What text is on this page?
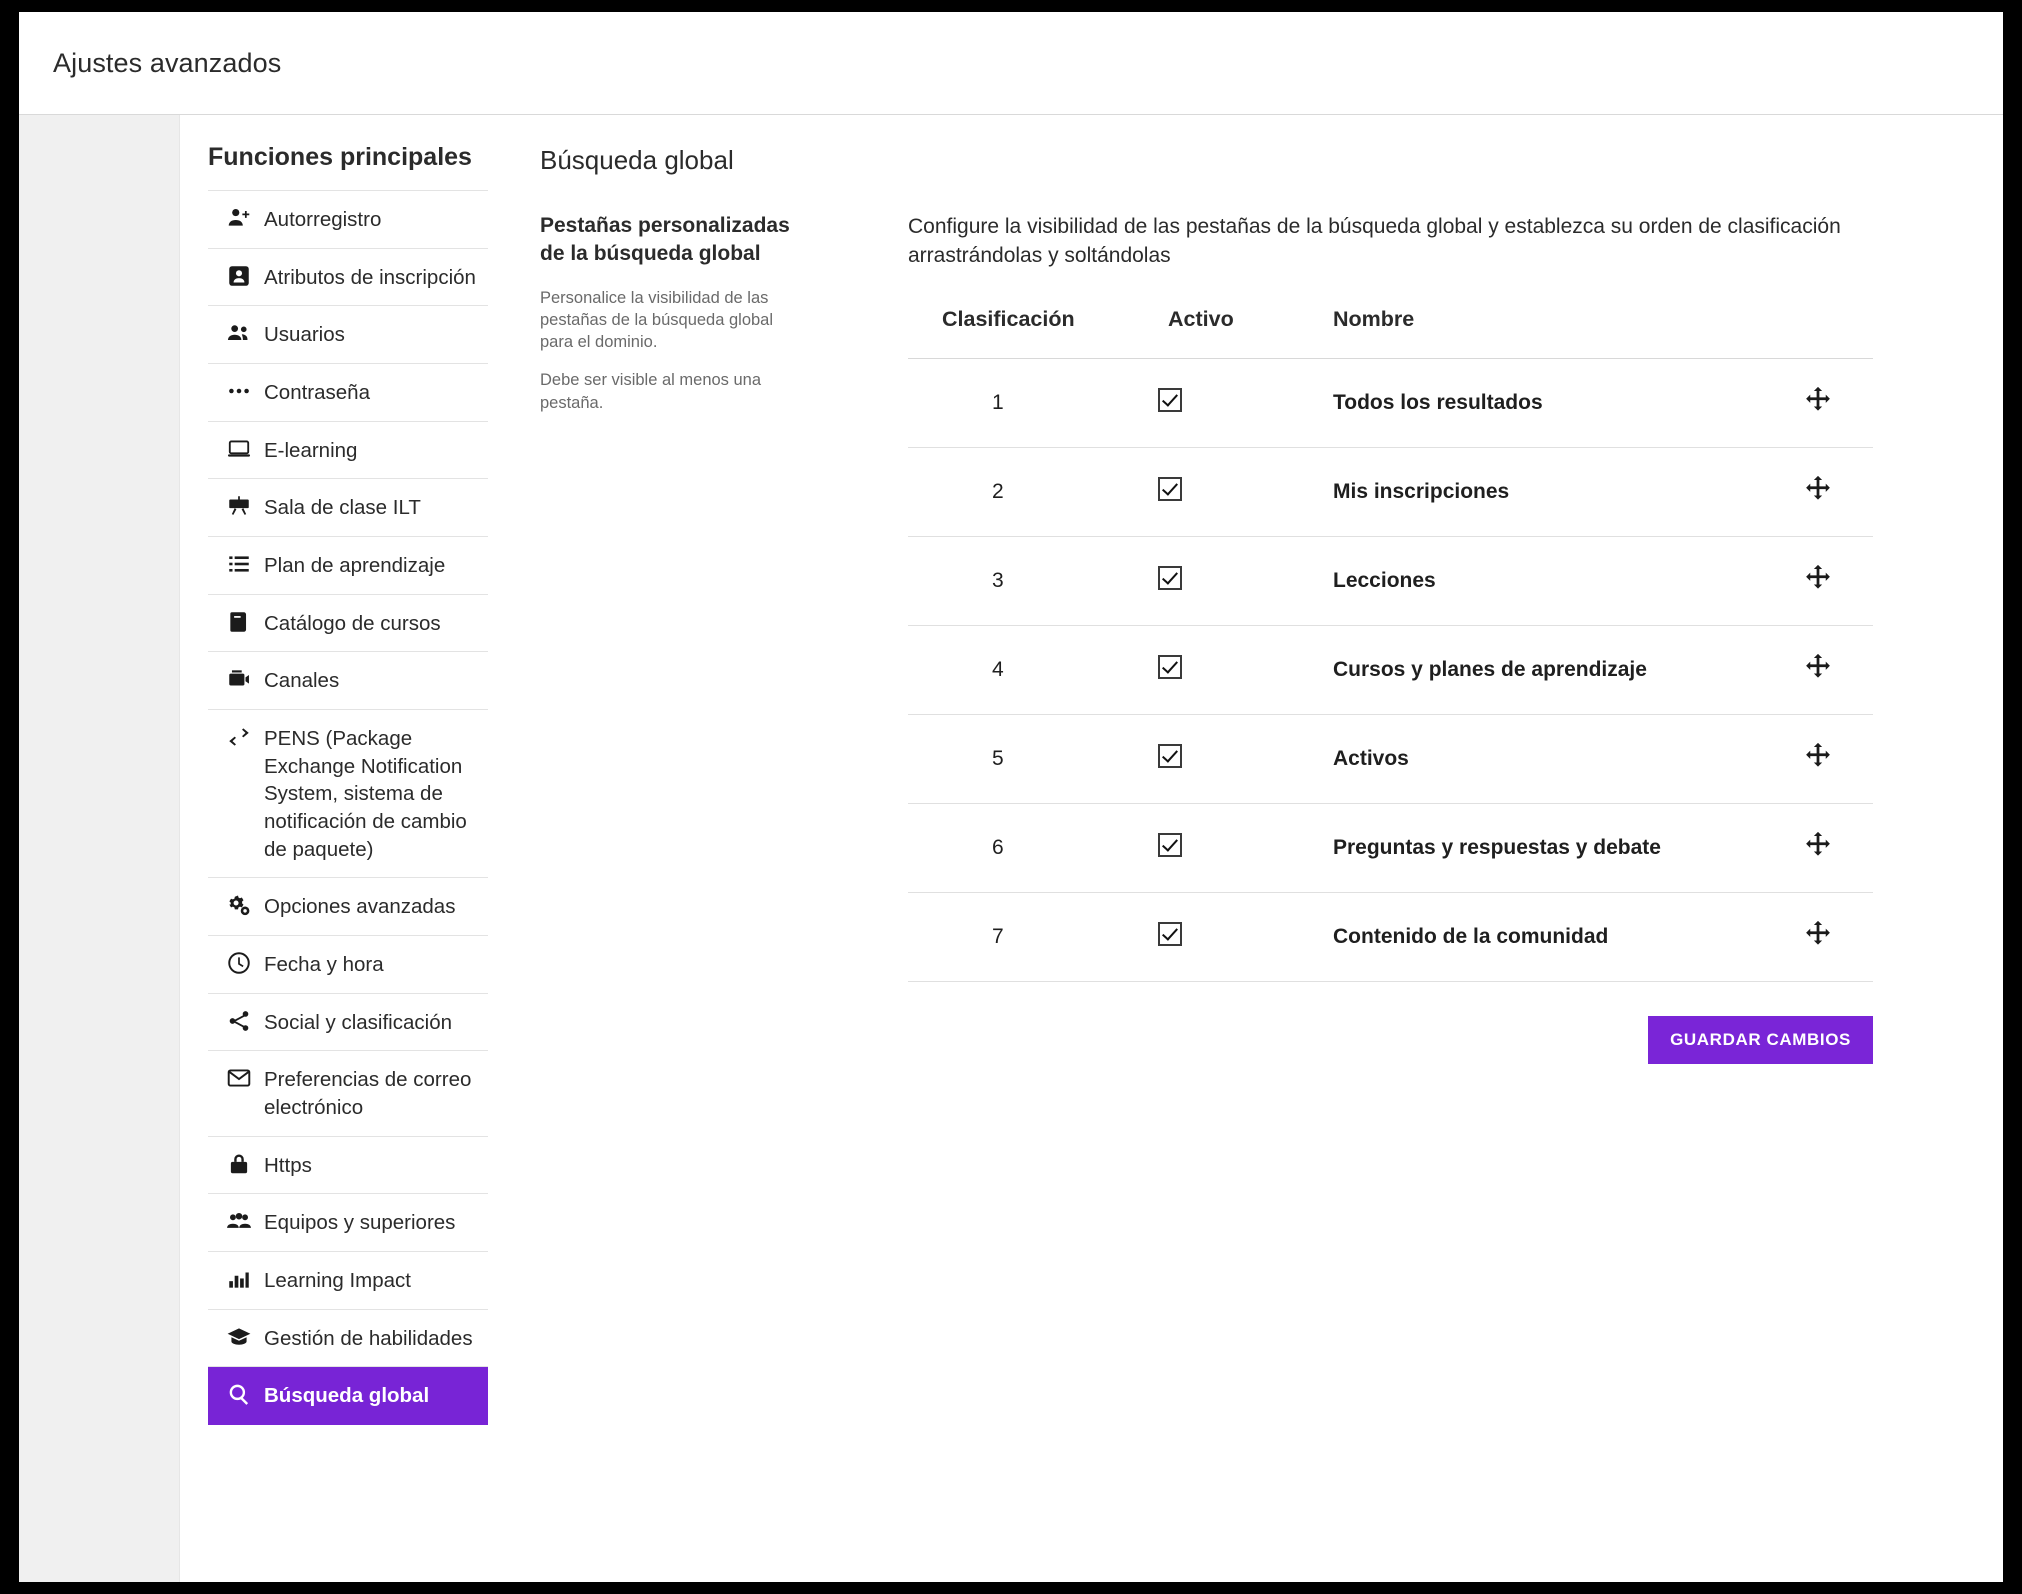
Ajustes avanzados
Funciones principales
Autorregistro
Atributos de inscripción
Usuarios
Contraseña
E-learning
Sala de clase ILT
Plan de aprendizaje
Catálogo de cursos
Canales
PENS (Package Exchange Notification System, sistema de notificación de cambio de paquete)
Opciones avanzadas
Fecha y hora
Social y clasificación
Preferencias de correo electrónico
Https
Equipos y superiores
Learning Impact
Gestión de habilidades
Búsqueda global
Búsqueda global
Pestañas personalizadas de la búsqueda global
Personalice la visibilidad de las pestañas de la búsqueda global para el dominio.
Debe ser visible al menos una pestaña.
Configure la visibilidad de las pestañas de la búsqueda global y establezca su orden de clasificación arrastrándolas y soltándolas
Clasificación	Activo	Nombre	
1		Todos los resultados	

2		Mis inscripciones	

3		Lecciones	

4		Cursos y planes de aprendizaje	

5		Activos	

6		Preguntas y respuestas y debate	

7		Contenido de la comunidad	
GUARDAR CAMBIOS
